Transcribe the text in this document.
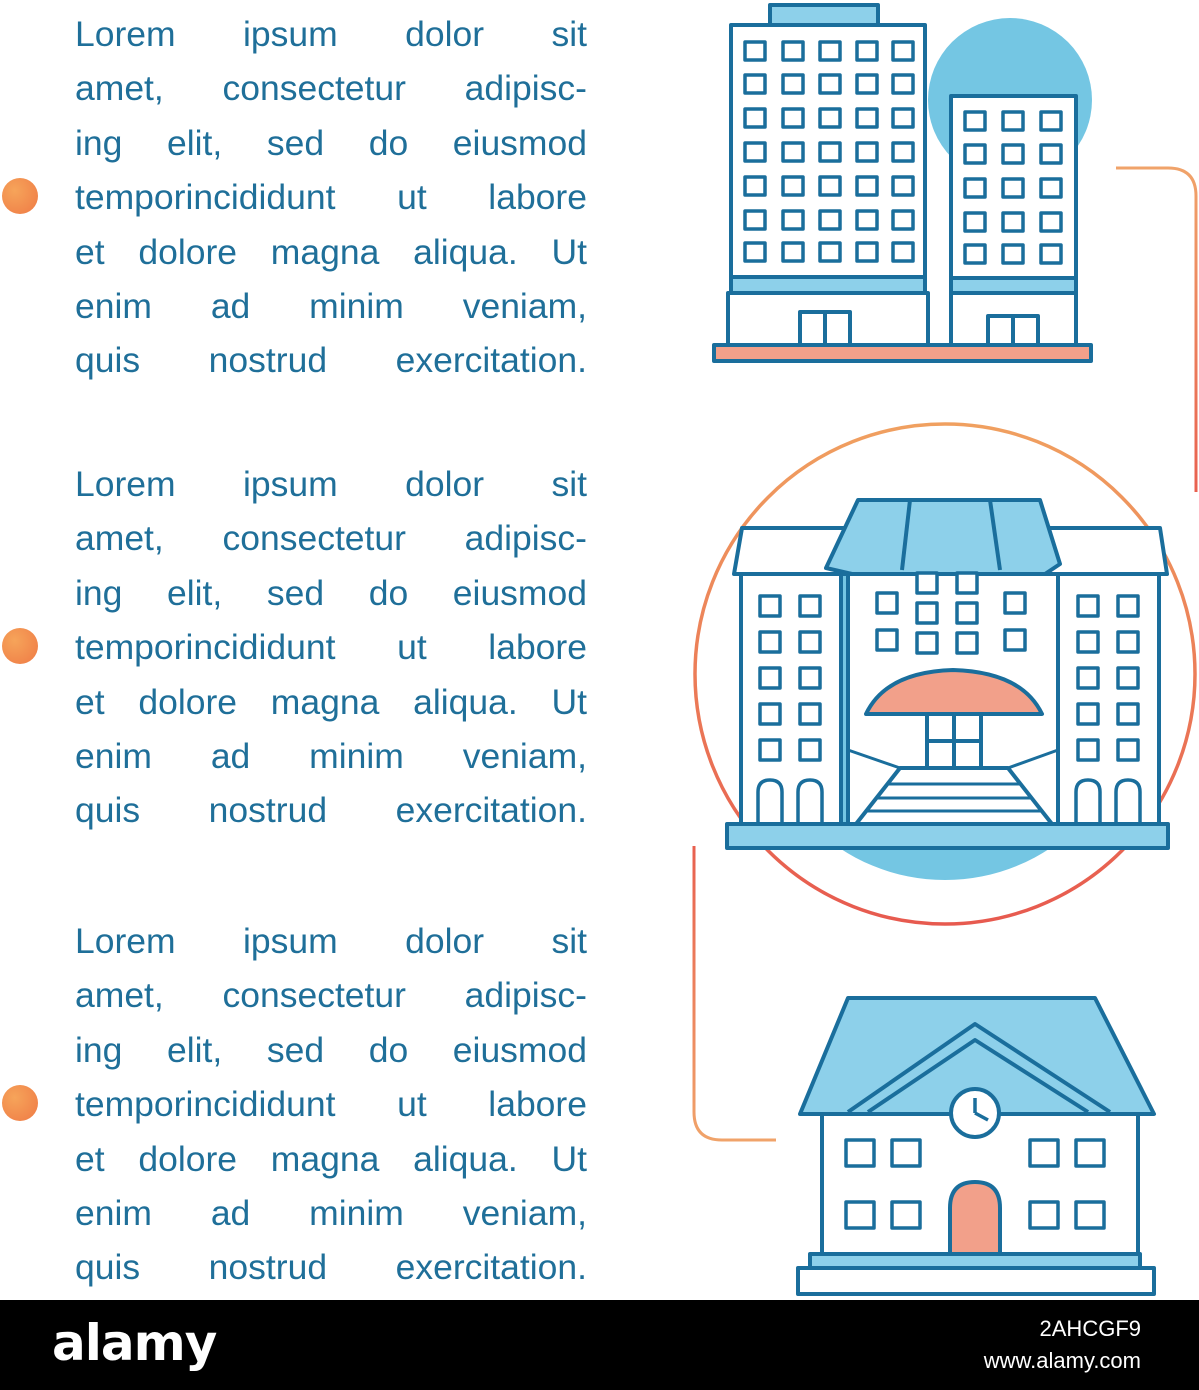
Lorem ipsum dolor sit
amet, consectetur adipisc-
ing elit, sed do eiusmod
temporincididunt ut labore
et dolore magna aliqua. Ut
enim ad minim veniam,
quis nostrud exercitation.
Lorem ipsum dolor sit
amet, consectetur adipisc-
ing elit, sed do eiusmod
temporincididunt ut labore
et dolore magna aliqua. Ut
enim ad minim veniam,
quis nostrud exercitation.
Lorem ipsum dolor sit
amet, consectetur adipisc-
ing elit, sed do eiusmod
temporincididunt ut labore
et dolore magna aliqua. Ut
enim ad minim veniam,
quis nostrud exercitation.
alamy	2AHCGF9
www.alamy.com
